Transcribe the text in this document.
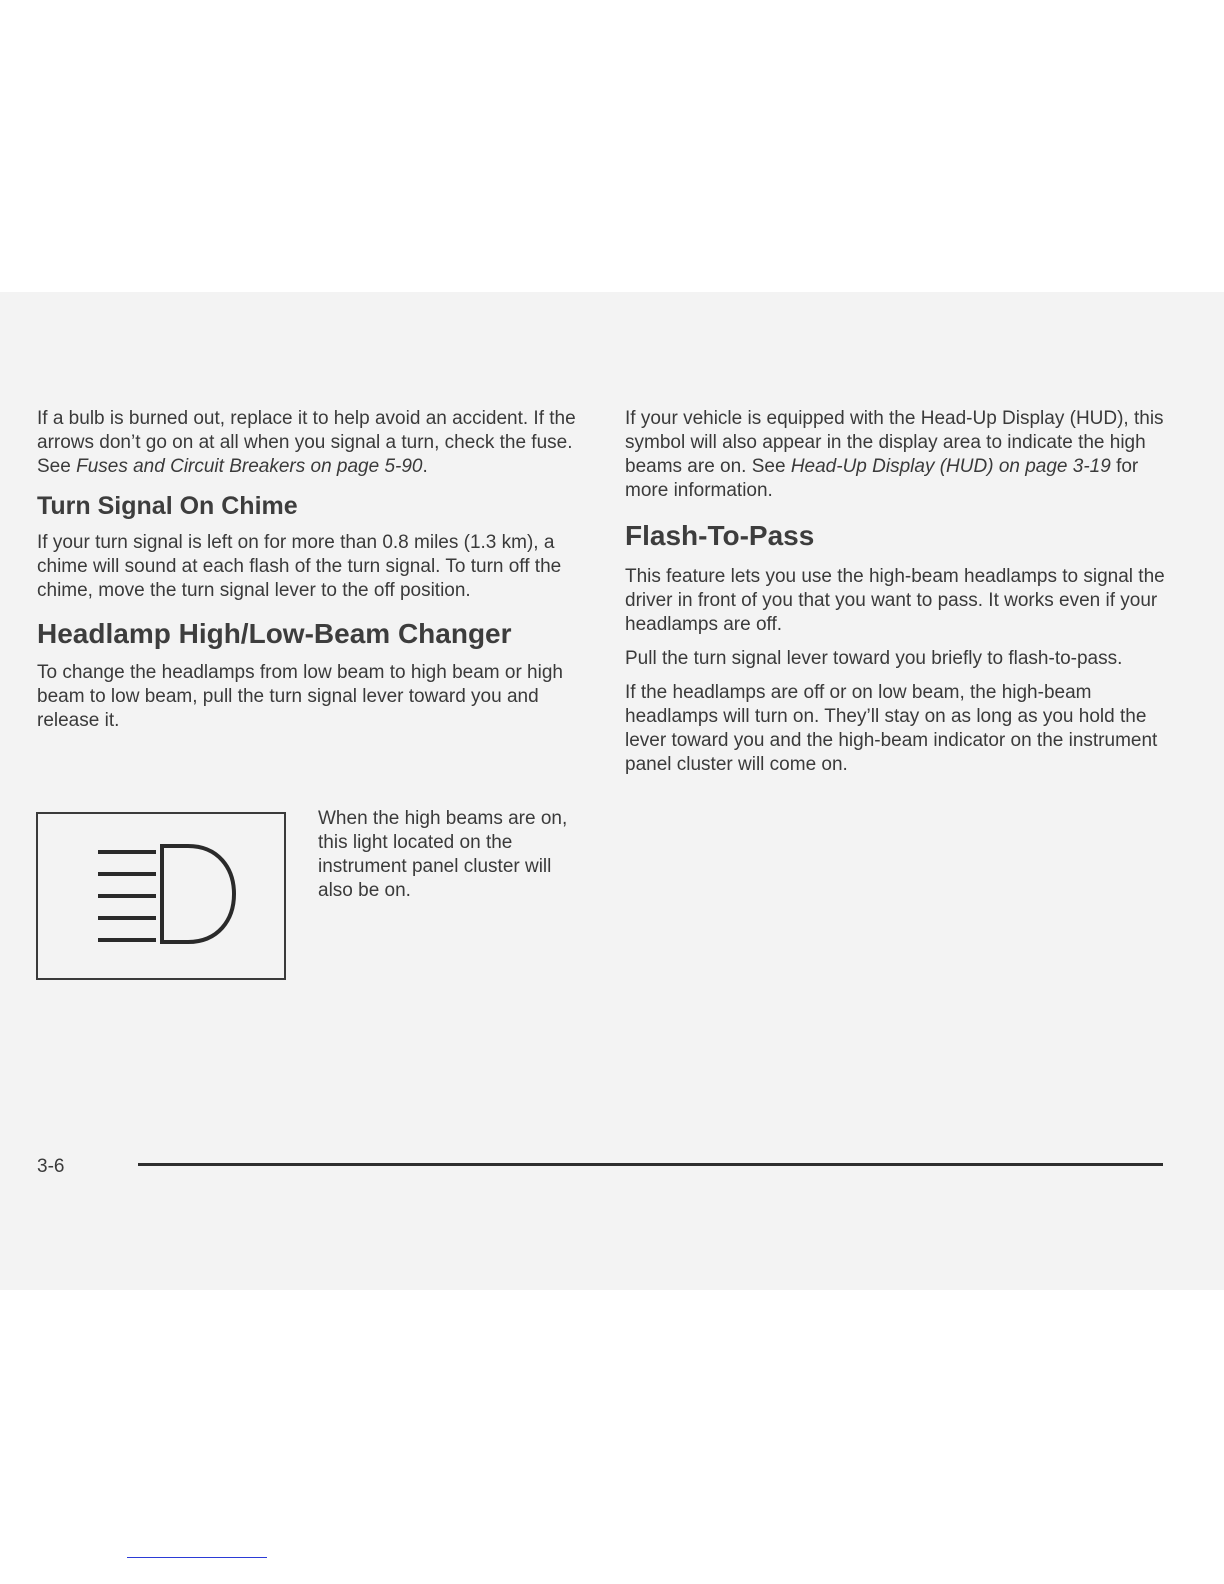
If a bulb is burned out, replace it to help avoid an accident. If the arrows don’t go on at all when you signal a turn, check the fuse. See Fuses and Circuit Breakers on page 5-90.

Turn Signal On Chime

If your turn signal is left on for more than 0.8 miles (1.3 km), a chime will sound at each flash of the turn signal. To turn off the chime, move the turn signal lever to the off position.

Headlamp High/Low-Beam Changer

To change the headlamps from low beam to high beam or high beam to low beam, pull the turn signal lever toward you and release it.

When the high beams are on, this light located on the instrument panel cluster will also be on.

If your vehicle is equipped with the Head-Up Display (HUD), this symbol will also appear in the display area to indicate the high beams are on. See Head-Up Display (HUD) on page 3-19 for more information.

Flash-To-Pass

This feature lets you use the high-beam headlamps to signal the driver in front of you that you want to pass. It works even if your headlamps are off.

Pull the turn signal lever toward you briefly to flash-to-pass.

If the headlamps are off or on low beam, the high-beam headlamps will turn on. They’ll stay on as long as you hold the lever toward you and the high-beam indicator on the instrument panel cluster will come on.

3-6
